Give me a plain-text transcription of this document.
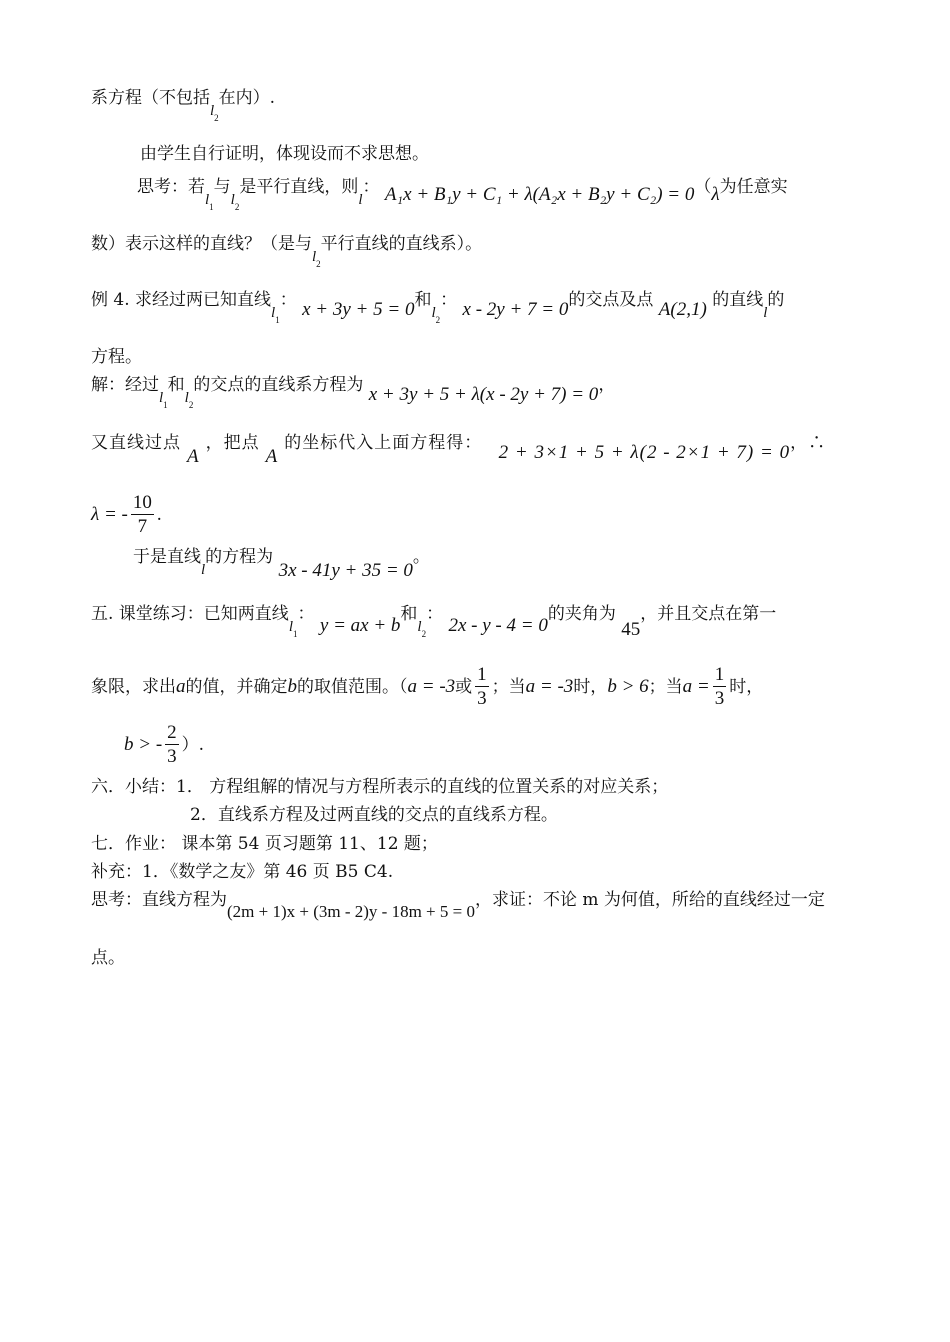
系方程（不包括$l_2$在内）.
由学生自行证明，体现设而不求思想。
思考：若$l_1$与$l_2$是平行直线，则l： A₁x + B₁y + C₁ + λ(A₂x + B₂y + C₂) = 0（λ为任意实
数）表示这样的直线？（是与$l_2$平行直线的直线系）。
例 4. 求经过两已知直线$l_1$： x + 3y + 5 = 0和$l_2$： x - 2y + 7 = 0的交点及点 A(2,1) 的直线l的
方程。
解：经过$l_1$和$l_2$的交点的直线系方程为 x + 3y + 5 + λ(x - 2y + 7) = 0，
又直线过点A，把点A的坐标代入上面方程得： 2 + 3×1 + 5 + λ(2 - 2×1 + 7) = 0，∴
λ = - $\frac{10}{7}$ .
于是直线l的方程为 3x - 41y + 35 = 0。
五. 课堂练习：已知两直线$l_1$： y = ax + b和$l_2$： 2x - y - 4 = 0的夹角为 45，并且交点在第一
象限，求出a的值，并确定b的取值范围。（a = -3或 $\frac{1}{3}$ ；当a = -3时，b > 6；当$a = \frac{1}{3}$ 时，
b > - $\frac{2}{3}$ ）.
六．小结：1． 方程组解的情况与方程所表示的直线的位置关系的对应关系；
2．直线系方程及过两直线的交点的直线系方程。
七．作业： 课本第 54 页习题第 11、12 题；
补充：1．《数学之友》第 46 页 B5 C4.
思考：直线方程为(2m + 1)x + (3m - 2)y - 18m + 5 = 0，求证：不论 m 为何值，所给的直线经过一定
点。
